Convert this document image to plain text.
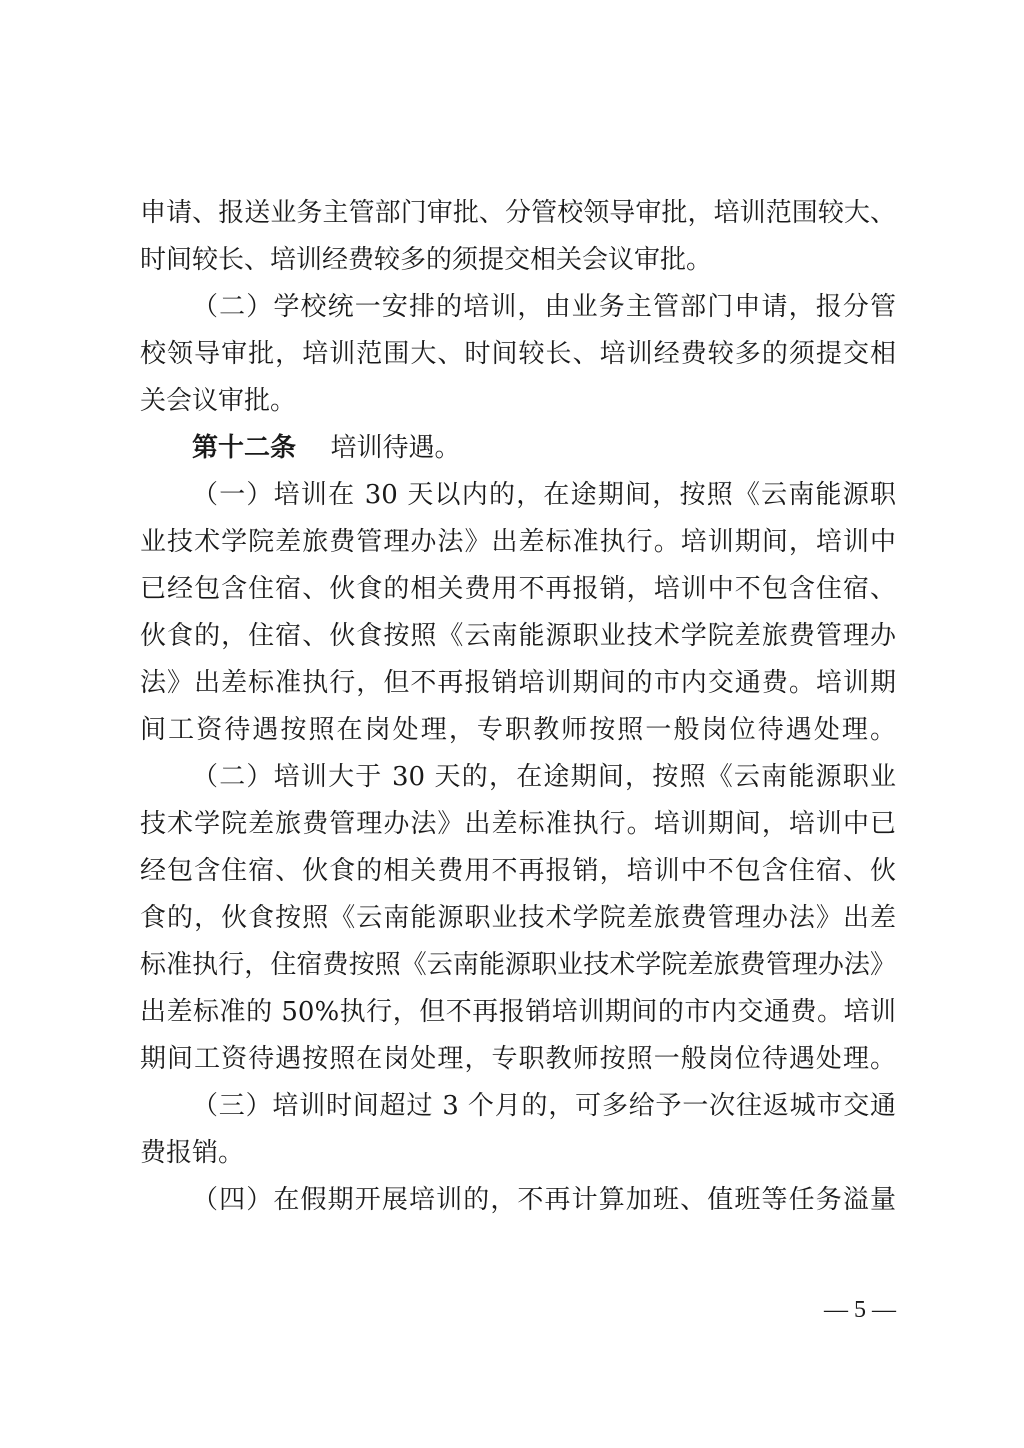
申请、报送业务主管部门审批、分管校领导审批，培训范围较大、
时间较长、培训经费较多的须提交相关会议审批。
（二）学校统一安排的培训，由业务主管部门申请，报分管
校领导审批，培训范围大、时间较长、培训经费较多的须提交相
关会议审批。
第十二条 培训待遇。
（一）培训在 30 天以内的，在途期间，按照《云南能源职
业技术学院差旅费管理办法》出差标准执行。培训期间，培训中
已经包含住宿、伙食的相关费用不再报销，培训中不包含住宿、
伙食的，住宿、伙食按照《云南能源职业技术学院差旅费管理办
法》出差标准执行，但不再报销培训期间的市内交通费。培训期
间工资待遇按照在岗处理，专职教师按照一般岗位待遇处理。
（二）培训大于 30 天的，在途期间，按照《云南能源职业
技术学院差旅费管理办法》出差标准执行。培训期间，培训中已
经包含住宿、伙食的相关费用不再报销，培训中不包含住宿、伙
食的，伙食按照《云南能源职业技术学院差旅费管理办法》出差
标准执行，住宿费按照《云南能源职业技术学院差旅费管理办法》
出差标准的 50%执行，但不再报销培训期间的市内交通费。培训
期间工资待遇按照在岗处理，专职教师按照一般岗位待遇处理。
（三）培训时间超过 3 个月的，可多给予一次往返城市交通
费报销。
（四）在假期开展培训的，不再计算加班、值班等任务溢量
— 5 —
